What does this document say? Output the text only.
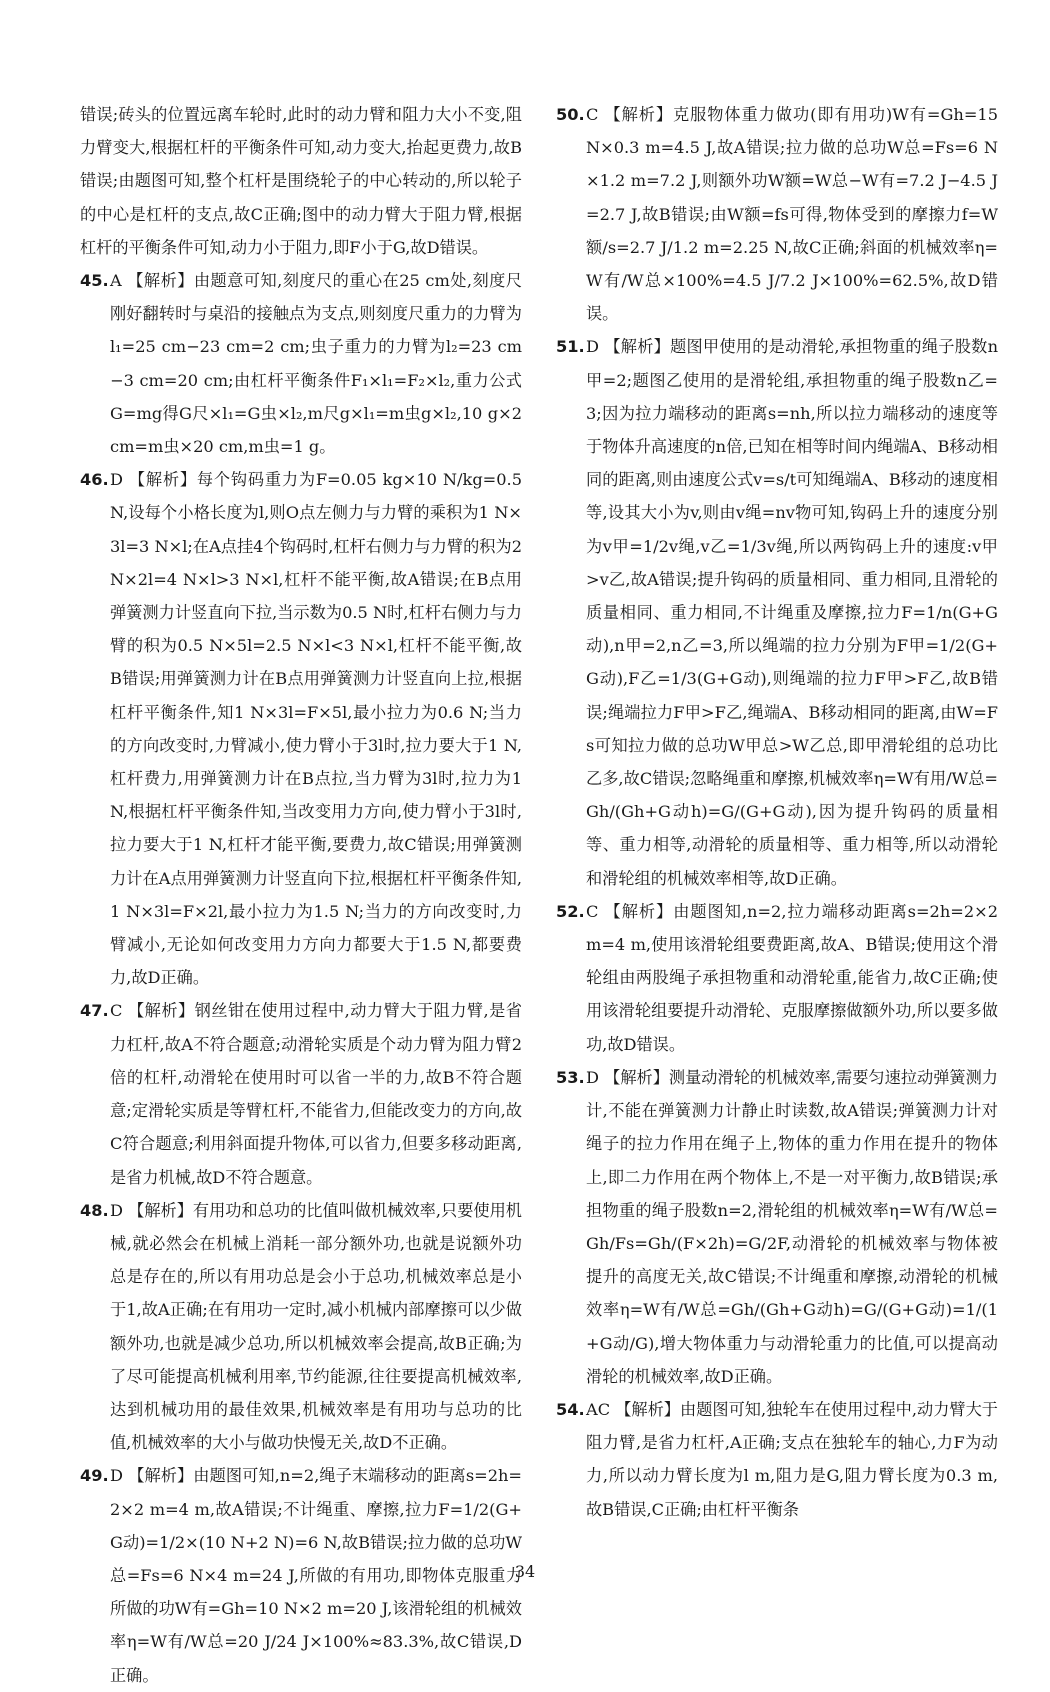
错误;砖头的位置远离车轮时,此时的动力臂和阻力大小不变,阻力臂变大,根据杠杆的平衡条件可知,动力变大,抬起更费力,故B错误;由题图可知,整个杠杆是围绕轮子的中心转动的,所以轮子的中心是杠杆的支点,故C正确;图中的动力臂大于阻力臂,根据杠杆的平衡条件可知,动力小于阻力,即F小于G,故D错误。

45. A 【解析】由题意可知,刻度尺的重心在25 cm处,刻度尺刚好翻转时与桌沿的接触点为支点,则刻度尺重力的力臂为l₁=25 cm−23 cm=2 cm;虫子重力的力臂为l₂=23 cm−3 cm=20 cm;由杠杆平衡条件F₁×l₁=F₂×l₂,重力公式G=mg得G尺×l₁=G虫×l₂,m尺g×l₁=m虫g×l₂,10 g×2 cm=m虫×20 cm,m虫=1 g。
46. D 【解析】每个钩码重力为F=0.05 kg×10 N/kg=0.5 N,设每个小格长度为l,则O点左侧力与力臂的乘积为1 N×3l=3 N×l;在A点挂4个钩码时,杠杆右侧力与力臂的积为2 N×2l=4 N×l>3 N×l,杠杆不能平衡,故A错误;在B点用弹簧测力计竖直向下拉,当示数为0.5 N时,杠杆右侧力与力臂的积为0.5 N×5l=2.5 N×l<3 N×l,杠杆不能平衡,故B错误;用弹簧测力计在B点用弹簧测力计竖直向上拉,根据杠杆平衡条件,知1 N×3l=F×5l,最小拉力为0.6 N;当力的方向改变时,力臂减小,使力臂小于3l时,拉力要大于1 N,杠杆费力,用弹簧测力计在B点拉,当力臂为3l时,拉力为1 N,根据杠杆平衡条件知,当改变用力方向,使力臂小于3l时,拉力要大于1 N,杠杆才能平衡,要费力,故C错误;用弹簧测力计在A点用弹簧测力计竖直向下拉,根据杠杆平衡条件知,1 N×3l=F×2l,最小拉力为1.5 N;当力的方向改变时,力臂减小,无论如何改变用力方向力都要大于1.5 N,都要费力,故D正确。
47. C 【解析】钢丝钳在使用过程中,动力臂大于阻力臂,是省力杠杆,故A不符合题意;动滑轮实质是个动力臂为阻力臂2倍的杠杆,动滑轮在使用时可以省一半的力,故B不符合题意;定滑轮实质是等臂杠杆,不能省力,但能改变力的方向,故C符合题意;利用斜面提升物体,可以省力,但要多移动距离,是省力机械,故D不符合题意。
48. D 【解析】有用功和总功的比值叫做机械效率,只要使用机械,就必然会在机械上消耗一部分额外功,也就是说额外功总是存在的,所以有用功总是会小于总功,机械效率总是小于1,故A正确;在有用功一定时,减小机械内部摩擦可以少做额外功,也就是减少总功,所以机械效率会提高,故B正确;为了尽可能提高机械利用率,节约能源,往往要提高机械效率,达到机械功用的最佳效果,机械效率是有用功与总功的比值,机械效率的大小与做功快慢无关,故D不正确。
49. D 【解析】由题图可知,n=2,绳子末端移动的距离s=2h=2×2 m=4 m,故A错误;不计绳重、摩擦,拉力F=1/2(G+G动)=1/2×(10 N+2 N)=6 N,故B错误;拉力做的总功W总=Fs=6 N×4 m=24 J,所做的有用功,即物体克服重力所做的功W有=Gh=10 N×2 m=20 J,该滑轮组的机械效率η=W有/W总=20 J/24 J×100%≈83.3%,故C错误,D正确。
50. C 【解析】克服物体重力做功(即有用功)W有=Gh=15 N×0.3 m=4.5 J,故A错误;拉力做的总功W总=Fs=6 N×1.2 m=7.2 J,则额外功W额=W总−W有=7.2 J−4.5 J=2.7 J,故B错误;由W额=fs可得,物体受到的摩擦力f=W额/s=2.7 J/1.2 m=2.25 N,故C正确;斜面的机械效率η=W有/W总×100%=4.5 J/7.2 J×100%=62.5%,故D错误。
51. D 【解析】题图甲使用的是动滑轮,承担物重的绳子股数n甲=2;题图乙使用的是滑轮组,承担物重的绳子股数n乙=3;因为拉力端移动的距离s=nh,所以拉力端移动的速度等于物体升高速度的n倍,已知在相等时间内绳端A、B移动相同的距离,则由速度公式v=s/t可知绳端A、B移动的速度相等,设其大小为v,则由v绳=nv物可知,钩码上升的速度分别为v甲=1/2v绳,v乙=1/3v绳,所以两钩码上升的速度:v甲>v乙,故A错误;提升钩码的质量相同、重力相同,且滑轮的质量相同、重力相同,不计绳重及摩擦,拉力F=1/n(G+G动),n甲=2,n乙=3,所以绳端的拉力分别为F甲=1/2(G+G动),F乙=1/3(G+G动),则绳端的拉力F甲>F乙,故B错误;绳端拉力F甲>F乙,绳端A、B移动相同的距离,由W=Fs可知拉力做的总功W甲总>W乙总,即甲滑轮组的总功比乙多,故C错误;忽略绳重和摩擦,机械效率η=W有用/W总=Gh/(Gh+G动h)=G/(G+G动),因为提升钩码的质量相等、重力相等,动滑轮的质量相等、重力相等,所以动滑轮和滑轮组的机械效率相等,故D正确。
52. C 【解析】由题图知,n=2,拉力端移动距离s=2h=2×2 m=4 m,使用该滑轮组要费距离,故A、B错误;使用这个滑轮组由两股绳子承担物重和动滑轮重,能省力,故C正确;使用该滑轮组要提升动滑轮、克服摩擦做额外功,所以要多做功,故D错误。
53. D 【解析】测量动滑轮的机械效率,需要匀速拉动弹簧测力计,不能在弹簧测力计静止时读数,故A错误;弹簧测力计对绳子的拉力作用在绳子上,物体的重力作用在提升的物体上,即二力作用在两个物体上,不是一对平衡力,故B错误;承担物重的绳子股数n=2,滑轮组的机械效率η=W有/W总=Gh/Fs=Gh/(F×2h)=G/2F,动滑轮的机械效率与物体被提升的高度无关,故C错误;不计绳重和摩擦,动滑轮的机械效率η=W有/W总=Gh/(Gh+G动h)=G/(G+G动)=1/(1+G动/G),增大物体重力与动滑轮重力的比值,可以提高动滑轮的机械效率,故D正确。
54. AC 【解析】由题图可知,独轮车在使用过程中,动力臂大于阻力臂,是省力杠杆,A正确;支点在独轮车的轴心,力F为动力,所以动力臂长度为l m,阻力是G,阻力臂长度为0.3 m,故B错误,C正确;由杠杆平衡条
34
